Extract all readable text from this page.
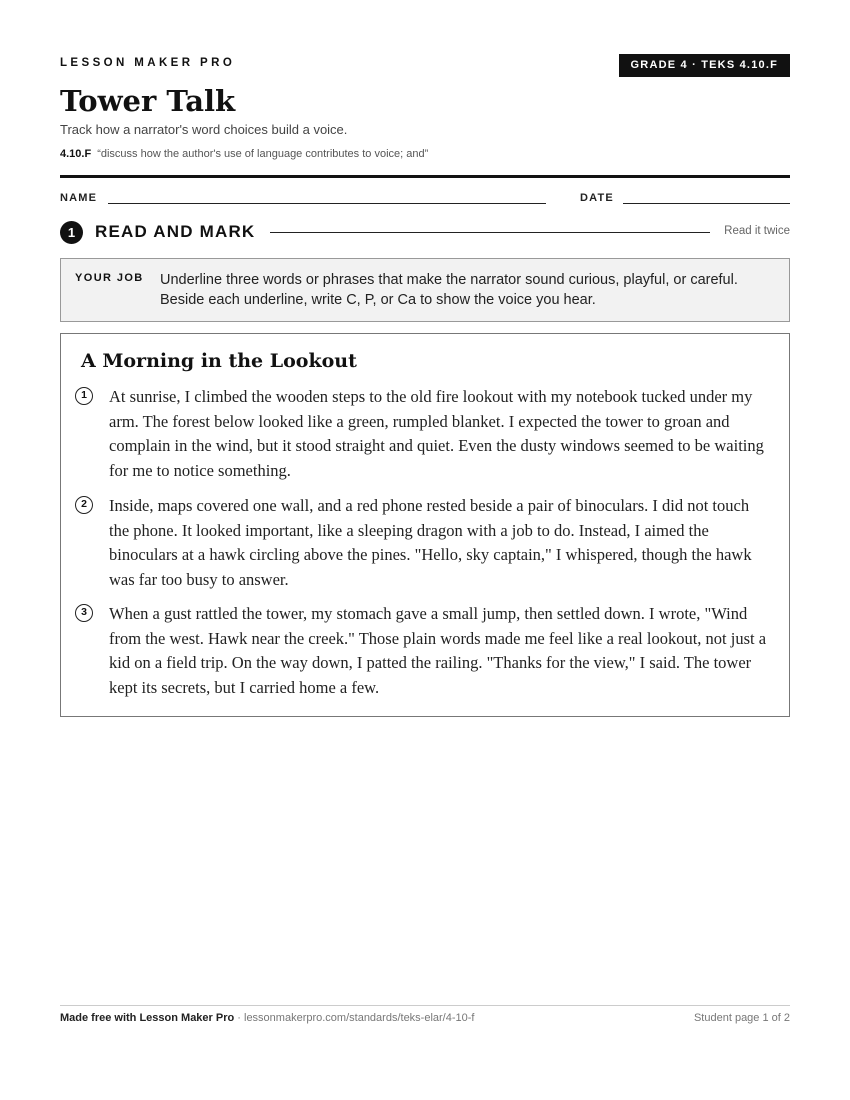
LESSON MAKER PRO	GRADE 4 · TEKS 4.10.F
Tower Talk
Track how a narrator's word choices build a voice.
4.10.F “discuss how the author's use of language contributes to voice; and”
NAME	DATE
1	READ AND MARK	Read it twice
YOUR JOB Underline three words or phrases that make the narrator sound curious, playful, or careful. Beside each underline, write C, P, or Ca to show the voice you hear.
A Morning in the Lookout
1	At sunrise, I climbed the wooden steps to the old fire lookout with my notebook tucked under my arm. The forest below looked like a green, rumpled blanket. I expected the tower to groan and complain in the wind, but it stood straight and quiet. Even the dusty windows seemed to be waiting for me to notice something.

2	Inside, maps covered one wall, and a red phone rested beside a pair of binoculars. I did not touch the phone. It looked important, like a sleeping dragon with a job to do. Instead, I aimed the binoculars at a hawk circling above the pines. "Hello, sky captain," I whispered, though the hawk was far too busy to answer.

3	When a gust rattled the tower, my stomach gave a small jump, then settled down. I wrote, "Wind from the west. Hawk near the creek." Those plain words made me feel like a real lookout, not just a kid on a field trip. On the way down, I patted the railing. "Thanks for the view," I said. The tower kept its secrets, but I carried home a few.

Made free with Lesson Maker Pro · lessonmakerpro.com/standards/teks-elar/4-10-f	Student page 1 of 2
